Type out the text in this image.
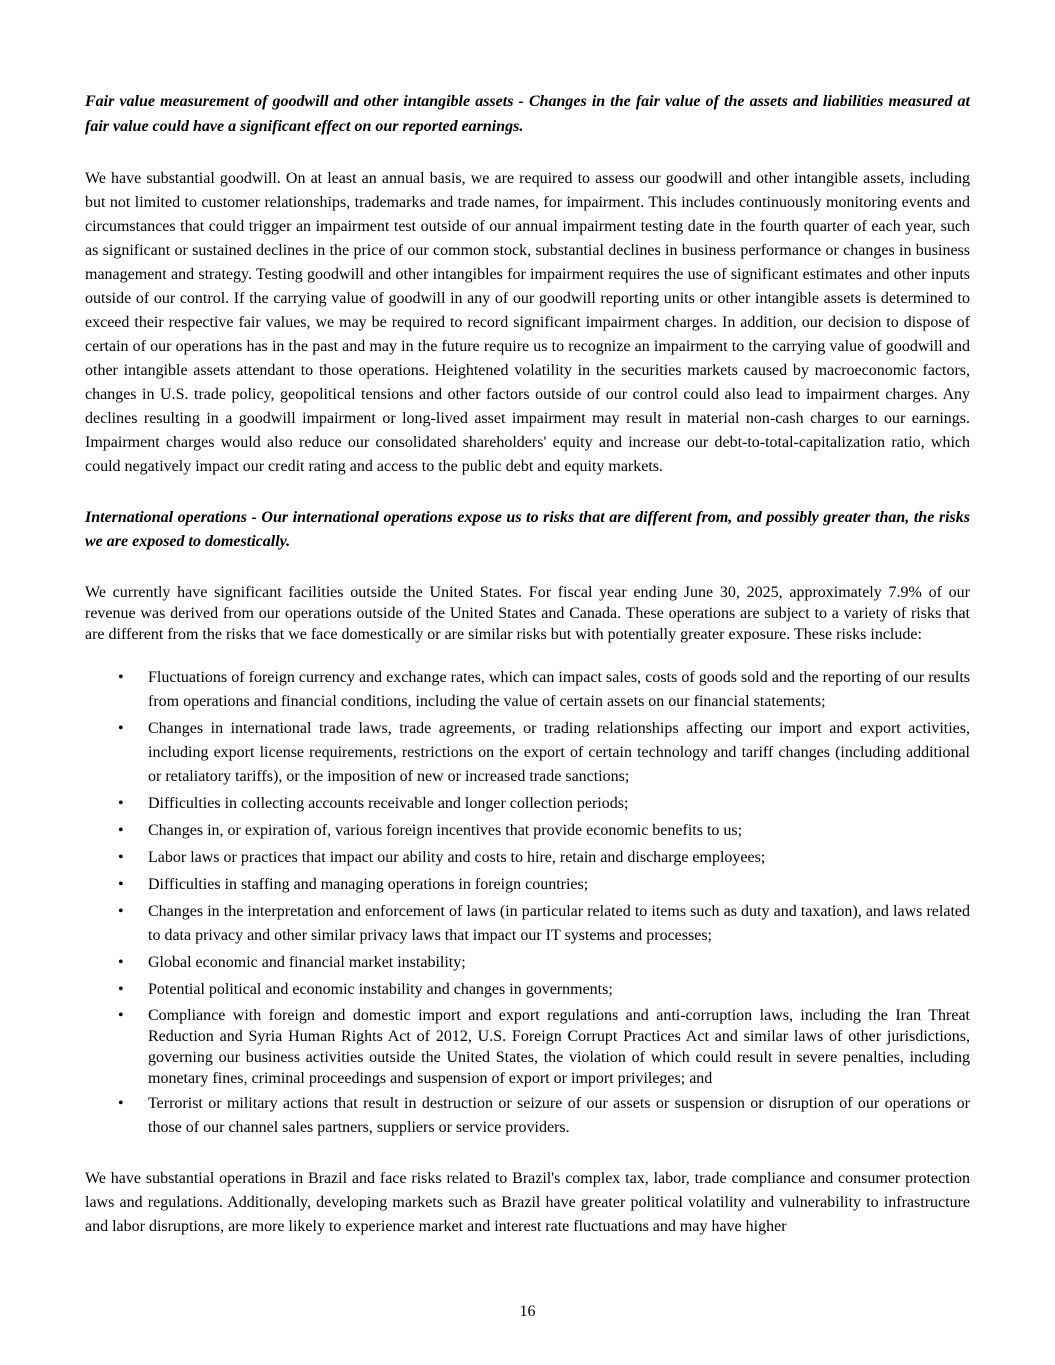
Fair value measurement of goodwill and other intangible assets - Changes in the fair value of the assets and liabilities measured at fair value could have a significant effect on our reported earnings.
We have substantial goodwill. On at least an annual basis, we are required to assess our goodwill and other intangible assets, including but not limited to customer relationships, trademarks and trade names, for impairment. This includes continuously monitoring events and circumstances that could trigger an impairment test outside of our annual impairment testing date in the fourth quarter of each year, such as significant or sustained declines in the price of our common stock, substantial declines in business performance or changes in business management and strategy. Testing goodwill and other intangibles for impairment requires the use of significant estimates and other inputs outside of our control. If the carrying value of goodwill in any of our goodwill reporting units or other intangible assets is determined to exceed their respective fair values, we may be required to record significant impairment charges. In addition, our decision to dispose of certain of our operations has in the past and may in the future require us to recognize an impairment to the carrying value of goodwill and other intangible assets attendant to those operations. Heightened volatility in the securities markets caused by macroeconomic factors, changes in U.S. trade policy, geopolitical tensions and other factors outside of our control could also lead to impairment charges. Any declines resulting in a goodwill impairment or long-lived asset impairment may result in material non-cash charges to our earnings. Impairment charges would also reduce our consolidated shareholders' equity and increase our debt-to-total-capitalization ratio, which could negatively impact our credit rating and access to the public debt and equity markets.
International operations - Our international operations expose us to risks that are different from, and possibly greater than, the risks we are exposed to domestically.
We currently have significant facilities outside the United States. For fiscal year ending June 30, 2025, approximately 7.9% of our revenue was derived from our operations outside of the United States and Canada. These operations are subject to a variety of risks that are different from the risks that we face domestically or are similar risks but with potentially greater exposure. These risks include:
•	Fluctuations of foreign currency and exchange rates, which can impact sales, costs of goods sold and the reporting of our results from operations and financial conditions, including the value of certain assets on our financial statements;
•	Changes in international trade laws, trade agreements, or trading relationships affecting our import and export activities, including export license requirements, restrictions on the export of certain technology and tariff changes (including additional or retaliatory tariffs), or the imposition of new or increased trade sanctions;
•	Difficulties in collecting accounts receivable and longer collection periods;
•	Changes in, or expiration of, various foreign incentives that provide economic benefits to us;
•	Labor laws or practices that impact our ability and costs to hire, retain and discharge employees;
•	Difficulties in staffing and managing operations in foreign countries;
•	Changes in the interpretation and enforcement of laws (in particular related to items such as duty and taxation), and laws related to data privacy and other similar privacy laws that impact our IT systems and processes;
•	Global economic and financial market instability;
•	Potential political and economic instability and changes in governments;
•	Compliance with foreign and domestic import and export regulations and anti-corruption laws, including the Iran Threat Reduction and Syria Human Rights Act of 2012, U.S. Foreign Corrupt Practices Act and similar laws of other jurisdictions, governing our business activities outside the United States, the violation of which could result in severe penalties, including monetary fines, criminal proceedings and suspension of export or import privileges; and
•	Terrorist or military actions that result in destruction or seizure of our assets or suspension or disruption of our operations or those of our channel sales partners, suppliers or service providers.
We have substantial operations in Brazil and face risks related to Brazil's complex tax, labor, trade compliance and consumer protection laws and regulations. Additionally, developing markets such as Brazil have greater political volatility and vulnerability to infrastructure and labor disruptions, are more likely to experience market and interest rate fluctuations and may have higher
16
